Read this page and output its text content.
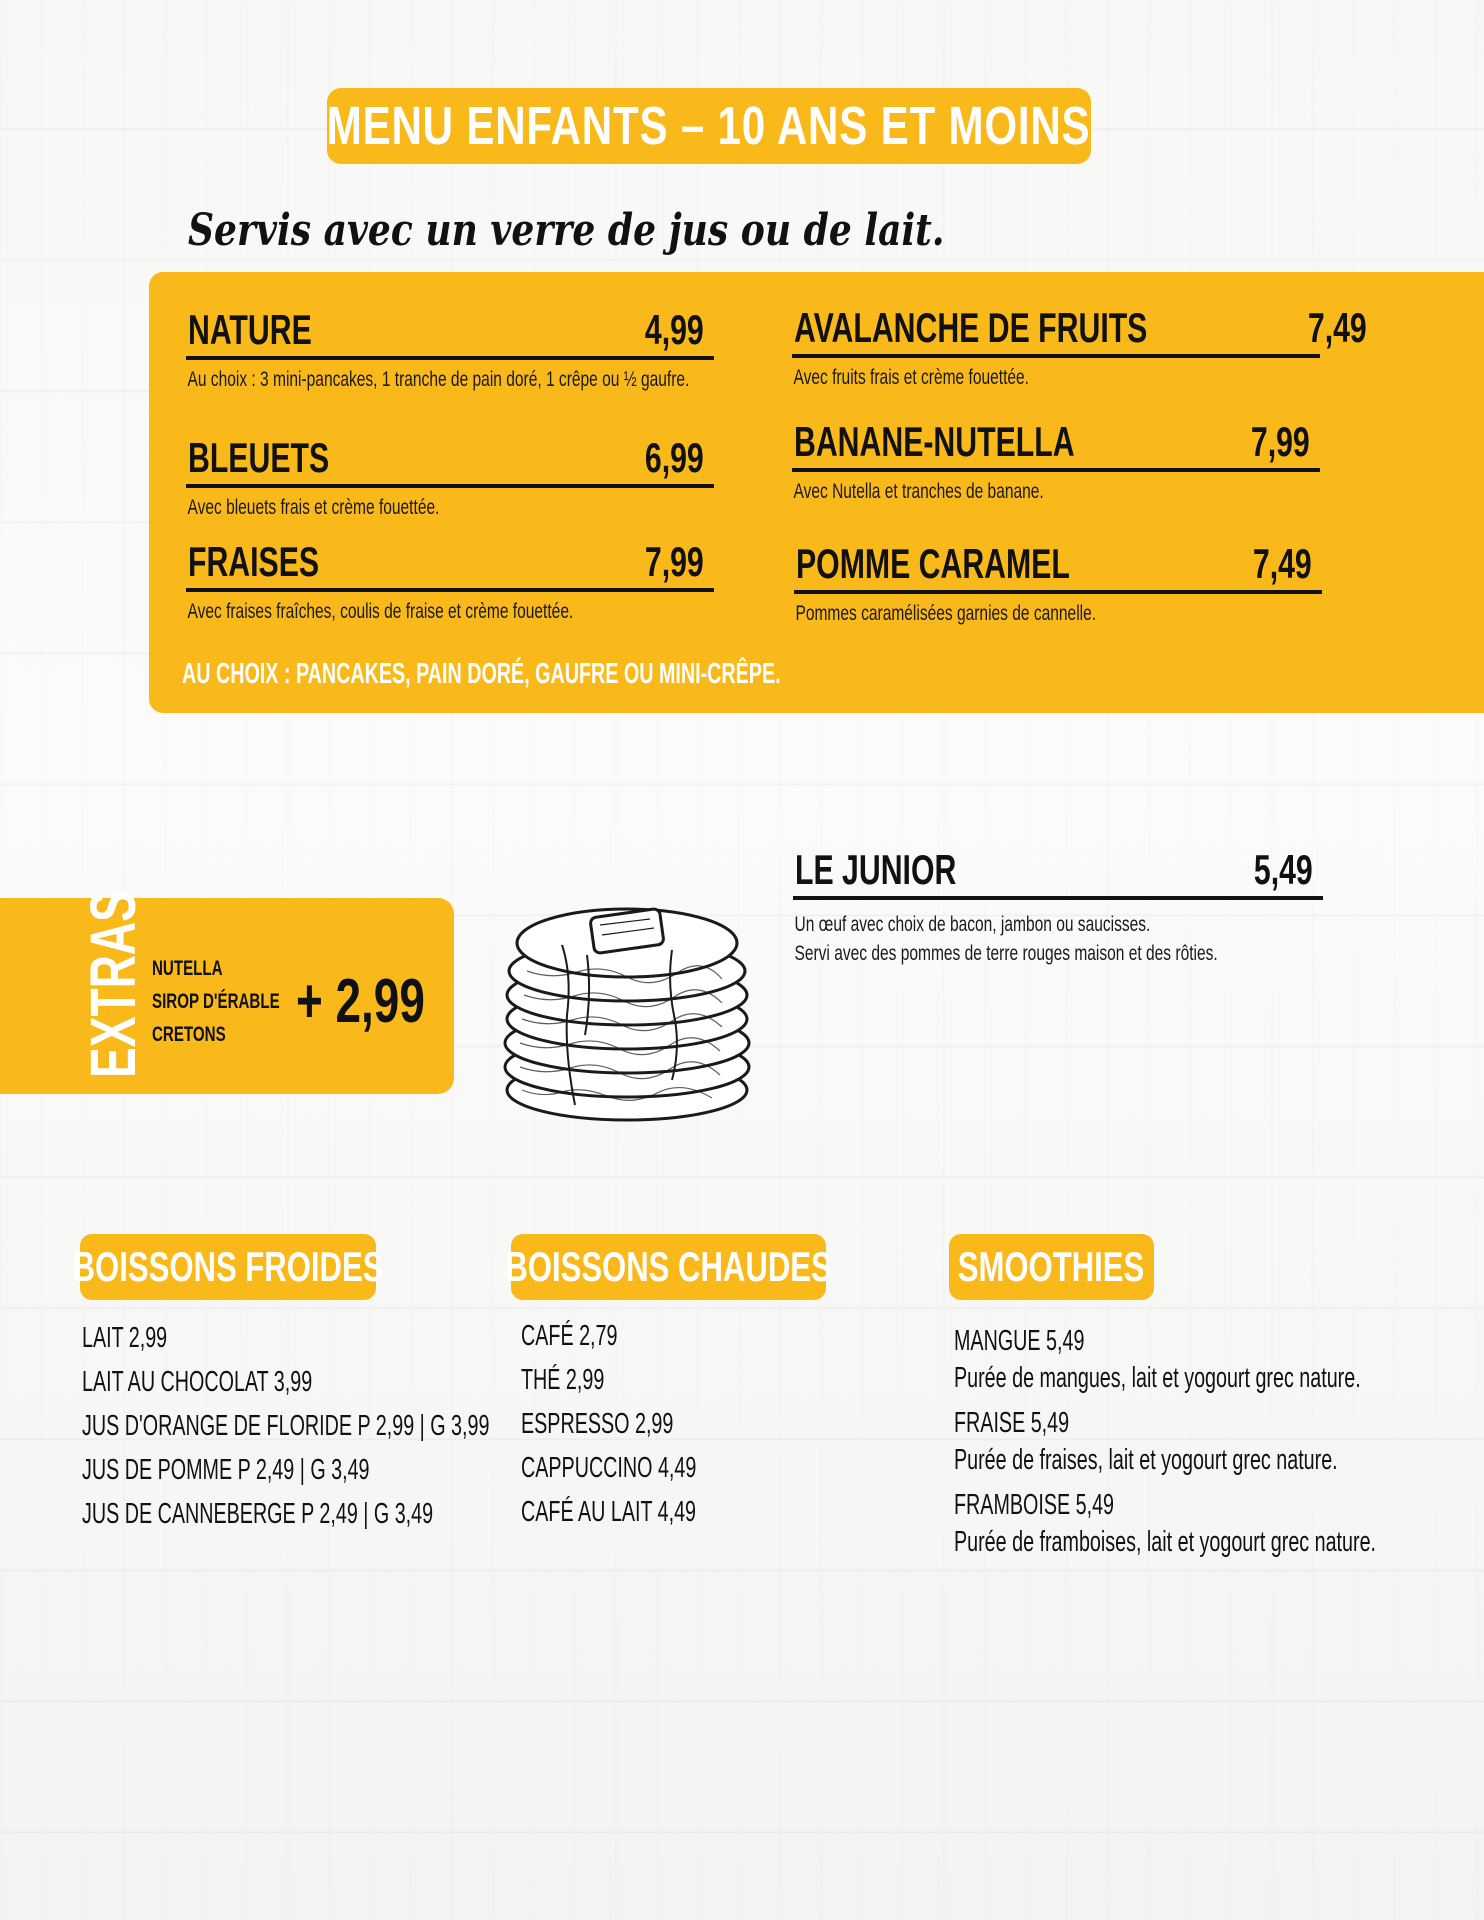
MENU ENFANTS – 10 ANS ET MOINS
Servis avec un verre de jus ou de lait.
NATURE	4,99
Au choix : 3 mini-pancakes, 1 tranche de pain doré, 1 crêpe ou ½ gaufre.
BLEUETS	6,99
Avec bleuets frais et crème fouettée.
FRAISES	7,99
Avec fraises fraîches, coulis de fraise et crème fouettée.
AVALANCHE DE FRUITS	7,49
Avec fruits frais et crème fouettée.
BANANE-NUTELLA	7,99
Avec Nutella et tranches de banane.
POMME CARAMEL	7,49
Pommes caramélisées garnies de cannelle.
AU CHOIX : PANCAKES, PAIN DORÉ, GAUFRE OU MINI-CRÊPE.
LE JUNIOR	5,49
Un œuf avec choix de bacon, jambon ou saucisses.
Servi avec des pommes de terre rouges maison et des rôties.
EXTRAS NUTELLA
SIROP D'ÉRABLE
CRETONS	+ 2,99
BOISSONS FROIDES
LAIT 2,99
LAIT AU CHOCOLAT 3,99
JUS D'ORANGE DE FLORIDE P 2,99 | G 3,99
JUS DE POMME P 2,49 | G 3,49
JUS DE CANNEBERGE P 2,49 | G 3,49
BOISSONS CHAUDES
CAFÉ 2,79
THÉ 2,99
ESPRESSO 2,99
CAPPUCCINO 4,49
CAFÉ AU LAIT 4,49
SMOOTHIES
MANGUE 5,49
Purée de mangues, lait et yogourt grec nature.
FRAISE 5,49
Purée de fraises, lait et yogourt grec nature.
FRAMBOISE 5,49
Purée de framboises, lait et yogourt grec nature.
